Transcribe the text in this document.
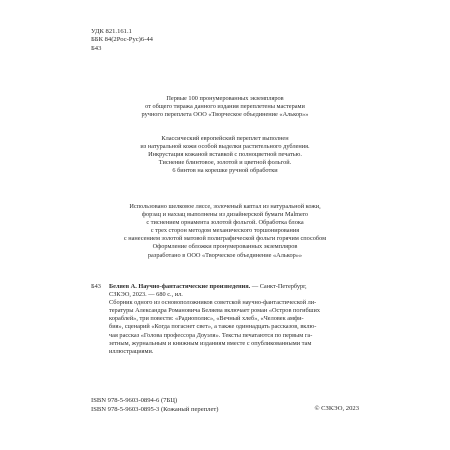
УДК 821.161.1
ББК 84(2Рос-Рус)6-44
Б43
Первые 100 пронумерованных экземпляров
от общего тиража данного издания переплетены мастерами
ручного переплета ООО «Творческое объединение «Алькор»»
Классический европейский переплет выполнен
из натуральной кожи особой выделки растительного дубления.
Инкрустация кожаной вставкой с полноцветной печатью.
Тиснение блинтовое, золотой и цветной фольгой.
6 бинтов на корешке ручной обработки
Использовано шелковое ляссе, золоченый каптал из натуральной кожи,
форзац и нахзац выполнены из дизайнерской бумаги Malmero
с тиснением орнамента золотой фольгой. Обработка блока
с трех сторон методом механического торшонирования
с нанесением золотой матовой полиграфической фольги горячим способом
Оформление обложки пронумерованных экземпляров
разработано в ООО «Творческое объединение «Алькор»»
Б43 Беляев А. Научно-фантастические произведения. — Санкт-Петербург,
СЗКЭО, 2023. — 680 с., ил.
Сборник одного из основоположников советской научно-фантастической ли-
тературы Александра Романовича Беляева включает роман «Остров погибших
кораблей», три повести: «Радиополис», «Вечный хлеб», «Человек амфи-
бия», сценарий «Когда погаснет свет», а также одиннадцать рассказов, вклю-
чая рассказ «Голова профессора Доуэля». Тексты печатаются по первым га-
зетным, журнальным и книжным изданиям вместе с опубликованными там
иллюстрациями.
ISBN 978-5-9603-0894-6 (7БЦ)
ISBN 978-5-9603-0895-3 (Кожаный переплет)	© СЗКЭО, 2023
